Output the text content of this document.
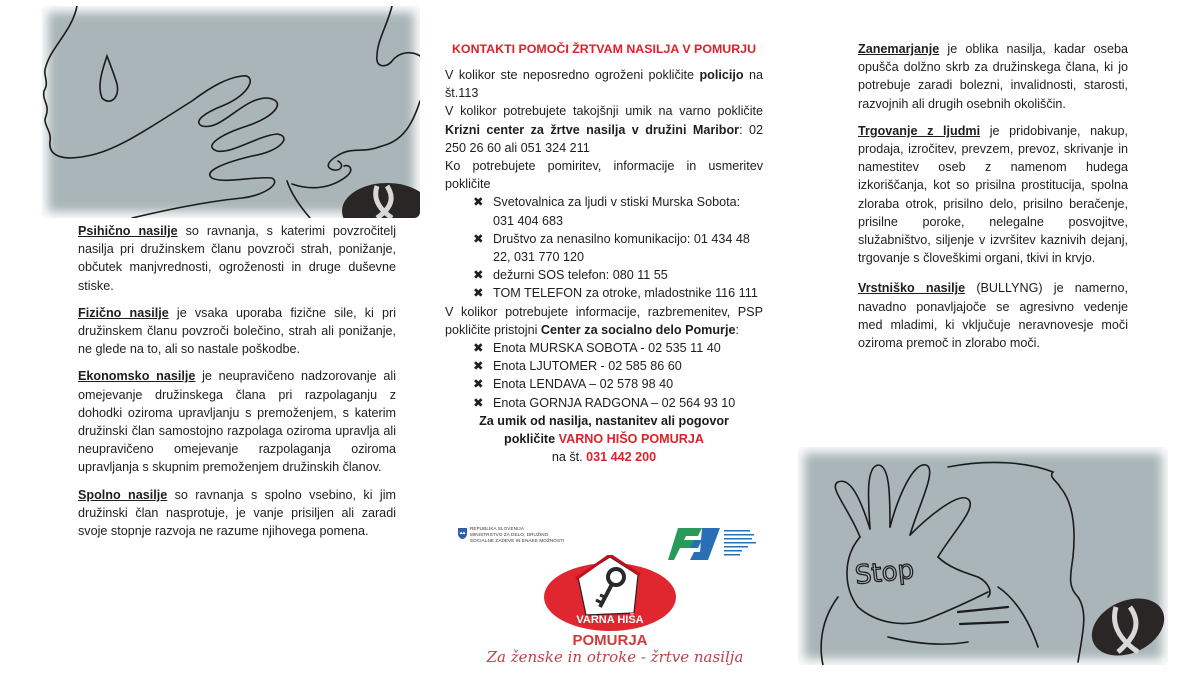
Psihično nasilje so ravnanja, s katerimi povzročitelj nasilja pri družinskem članu povzroči strah, ponižanje, občutek manjvrednosti, ogroženosti in druge duševne stiske.

Fizično nasilje je vsaka uporaba fizične sile, ki pri družinskem članu povzroči bolečino, strah ali ponižanje, ne glede na to, ali so nastale poškodbe.

Ekonomsko nasilje je neupravičeno nadzorovanje ali omejevanje družinskega člana pri razpolaganju z dohodki oziroma upravljanju s premoženjem, s katerim družinski član samostojno razpolaga oziroma upravlja ali neupravičeno omejevanje razpolaganja oziroma upravljanja s skupnim premoženjem družinskih članov.

Spolno nasilje so ravnanja s spolno vsebino, ki jim družinski član nasprotuje, je vanje prisiljen ali zaradi svoje stopnje razvoja ne razume njihovega pomena.

KONTAKTI POMOČI ŽRTVAM NASILJA V POMURJU

V kolikor ste neposredno ogroženi pokličite policijo na št.113

V kolikor potrebujete takojšnji umik na varno pokličite Krizni center za žrtve nasilja v družini Maribor: 02 250 26 60 ali 051 324 211

Ko potrebujete pomiritev, informacije in usmeritev pokličite

✖ Svetovalnica za ljudi v stiski Murska Sobota: 031 404 683
✖ Društvo za nenasilno komunikacijo: 01 434 48 22, 031 770 120
✖ dežurni SOS telefon: 080 11 55
✖ TOM TELEFON za otroke, mladostnike 116 111

V kolikor potrebujete informacije, razbremenitev, PSP pokličite pristojni Center za socialno delo Pomurje:

✖ Enota MURSKA SOBOTA - 02 535 11 40
✖ Enota LJUTOMER - 02 585 86 60
✖ Enota LENDAVA – 02 578 98 40
✖ Enota GORNJA RADGONA – 02 564 93 10
Za umik od nasilja, nastanitev ali pogovor
pokličite VARNO HIŠO POMURJA
na št. 031 442 200
REPUBLIKA SLOVENIJA
MINISTRSTVO ZA DELO, DRUŽINO,
SOCIALNE ZADEVE IN ENAKE MOŽNOSTI
VARNA HIŠA
POMURJA
Za ženske in otroke - žrtve nasilja

Zanemarjanje je oblika nasilja, kadar oseba opušča dolžno skrb za družinskega člana, ki jo potrebuje zaradi bolezni, invalidnosti, starosti, razvojnih ali drugih osebnih okoliščin.

Trgovanje z ljudmi je pridobivanje, nakup, prodaja, izročitev, prevzem, prevoz, skrivanje in namestitev oseb z namenom hudega izkoriščanja, kot so prisilna prostitucija, spolna zloraba otrok, prisilno delo, prisilno beračenje, prisilne poroke, nelegalne posvojitve, služabništvo, siljenje v izvršitev kaznivih dejanj, trgovanje s človeškimi organi, tkivi in krvjo.

Vrstniško nasilje (BULLYNG) je namerno, navadno ponavljajoče se agresivno vedenje med mladimi, ki vključuje neravnovesje moči oziroma premoč in zlorabo moči.

Stop
